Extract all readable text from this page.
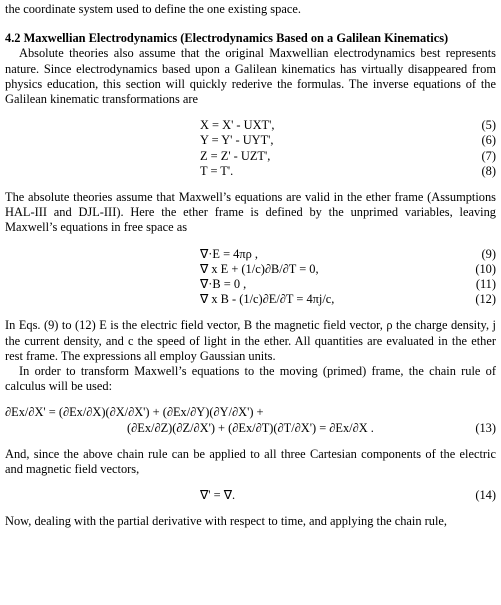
the coordinate system used to define the one existing space.

4.2 Maxwellian Electrodynamics (Electrodynamics Based on a Galilean Kinematics)

Absolute theories also assume that the original Maxwellian electrodynamics best represents nature. Since electrodynamics based upon a Galilean kinematics has virtually disappeared from physics education, this section will quickly rederive the formulas. The inverse equations of the Galilean kinematic transformations are

X = X' - UXT',	(5)
Y = Y' - UYT',	(6)
Z = Z' - UZT',	(7)
T = T'.	(8)

The absolute theories assume that Maxwell’s equations are valid in the ether frame (Assumptions HAL-III and DJL-III). Here the ether frame is defined by the unprimed variables, leaving Maxwell’s equations in free space as

∇·E = 4πρ ,	(9)
∇ x E + (1/c)∂B/∂T = 0,	(10)
∇·B = 0 ,	(11)
∇ x B - (1/c)∂E/∂T = 4πj/c,	(12)

In Eqs. (9) to (12) E is the electric field vector, B the magnetic field vector, ρ the charge density, j the current density, and c the speed of light in the ether. All quantities are evaluated in the ether rest frame. The expressions all employ Gaussian units.

In order to transform Maxwell’s equations to the moving (primed) frame, the chain rule of calculus will be used:

∂Ex/∂X' = (∂Ex/∂X)(∂X/∂X') + (∂Ex/∂Y)(∂Y/∂X') +
(∂Ex/∂Z)(∂Z/∂X') + (∂Ex/∂T)(∂T/∂X') = ∂Ex/∂X .	(13)

And, since the above chain rule can be applied to all three Cartesian components of the electric and magnetic field vectors,

∇' = ∇.	(14)

Now, dealing with the partial derivative with respect to time, and applying the chain rule,
